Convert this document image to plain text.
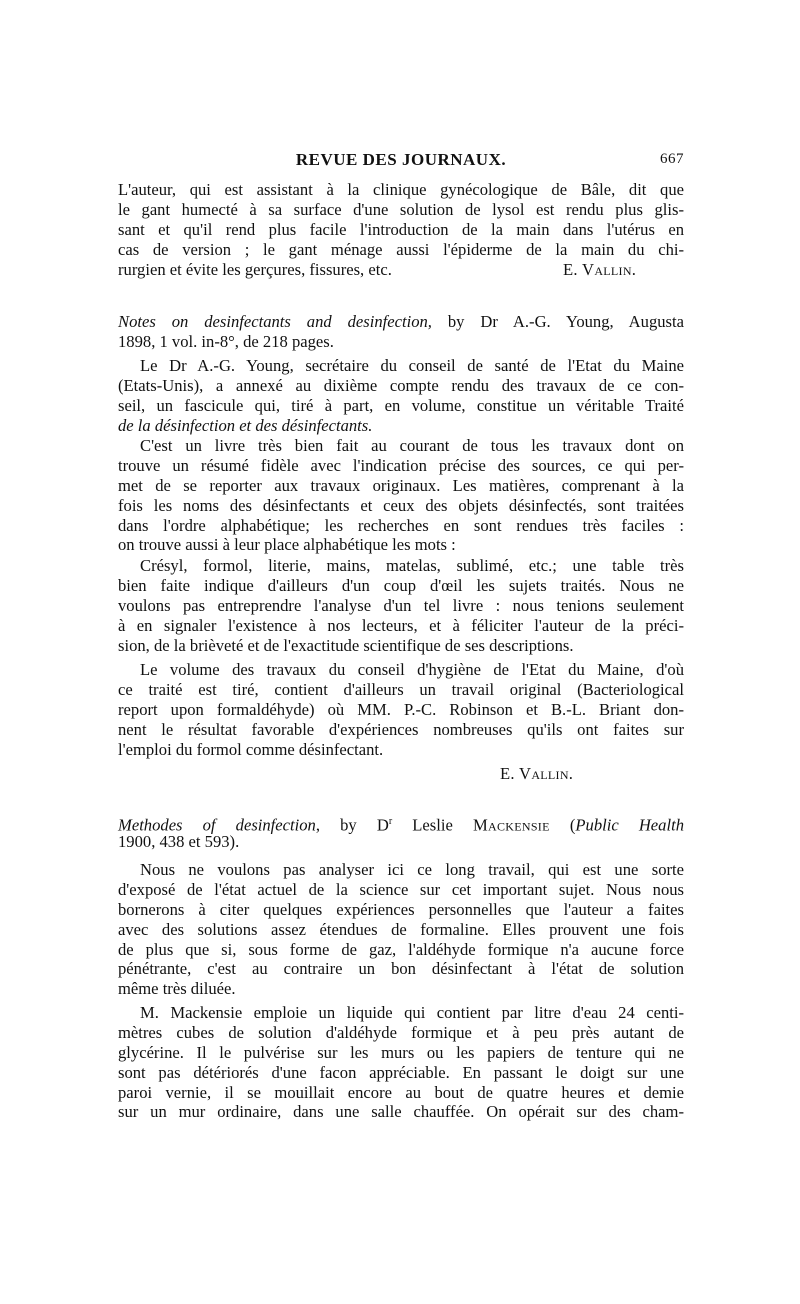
REVUE DES JOURNAUX.	667
L'auteur, qui est assistant à la clinique gynécologique de Bâle, dit que
le gant humecté à sa surface d'une solution de lysol est rendu plus glis-
sant et qu'il rend plus facile l'introduction de la main dans l'utérus en
cas de version ; le gant ménage aussi l'épiderme de la main du chi-
rurgien et évite les gerçures, fissures, etc.	E. Vallin.
Notes on desinfectants and desinfection, by Dr A.-G. Young, Augusta
1898, 1 vol. in-8°, de 218 pages.
Le Dr A.-G. Young, secrétaire du conseil de santé de l'Etat du Maine
(Etats-Unis), a annexé au dixième compte rendu des travaux de ce con-
seil, un fascicule qui, tiré à part, en volume, constitue un véritable Traité
de la désinfection et des désinfectants.
C'est un livre très bien fait au courant de tous les travaux dont on
trouve un résumé fidèle avec l'indication précise des sources, ce qui per-
met de se reporter aux travaux originaux. Les matières, comprenant à la
fois les noms des désinfectants et ceux des objets désinfectés, sont traitées
dans l'ordre alphabétique; les recherches en sont rendues très faciles :
on trouve aussi à leur place alphabétique les mots :
Crésyl, formol, literie, mains, matelas, sublimé, etc.; une table très
bien faite indique d'ailleurs d'un coup d'œil les sujets traités. Nous ne
voulons pas entreprendre l'analyse d'un tel livre : nous tenions seulement
à en signaler l'existence à nos lecteurs, et à féliciter l'auteur de la préci-
sion, de la brièveté et de l'exactitude scientifique de ses descriptions.
Le volume des travaux du conseil d'hygiène de l'Etat du Maine, d'où
ce traité est tiré, contient d'ailleurs un travail original (Bacteriological
report upon formaldéhyde) où MM. P.-C. Robinson et B.-L. Briant don-
nent le résultat favorable d'expériences nombreuses qu'ils ont faites sur
l'emploi du formol comme désinfectant.
E. Vallin.
Methodes of desinfection, by $D^r$ Leslie Mackensie (Public Health
1900, 438 et 593).
Nous ne voulons pas analyser ici ce long travail, qui est une sorte
d'exposé de l'état actuel de la science sur cet important sujet. Nous nous
bornerons à citer quelques expériences personnelles que l'auteur a faites
avec des solutions assez étendues de formaline. Elles prouvent une fois
de plus que si, sous forme de gaz, l'aldéhyde formique n'a aucune force
pénétrante, c'est au contraire un bon désinfectant à l'état de solution
même très diluée.
M. Mackensie emploie un liquide qui contient par litre d'eau 24 centi-
mètres cubes de solution d'aldéhyde formique et à peu près autant de
glycérine. Il le pulvérise sur les murs ou les papiers de tenture qui ne
sont pas détériorés d'une facon appréciable. En passant le doigt sur une
paroi vernie, il se mouillait encore au bout de quatre heures et demie
sur un mur ordinaire, dans une salle chauffée. On opérait sur des cham-
